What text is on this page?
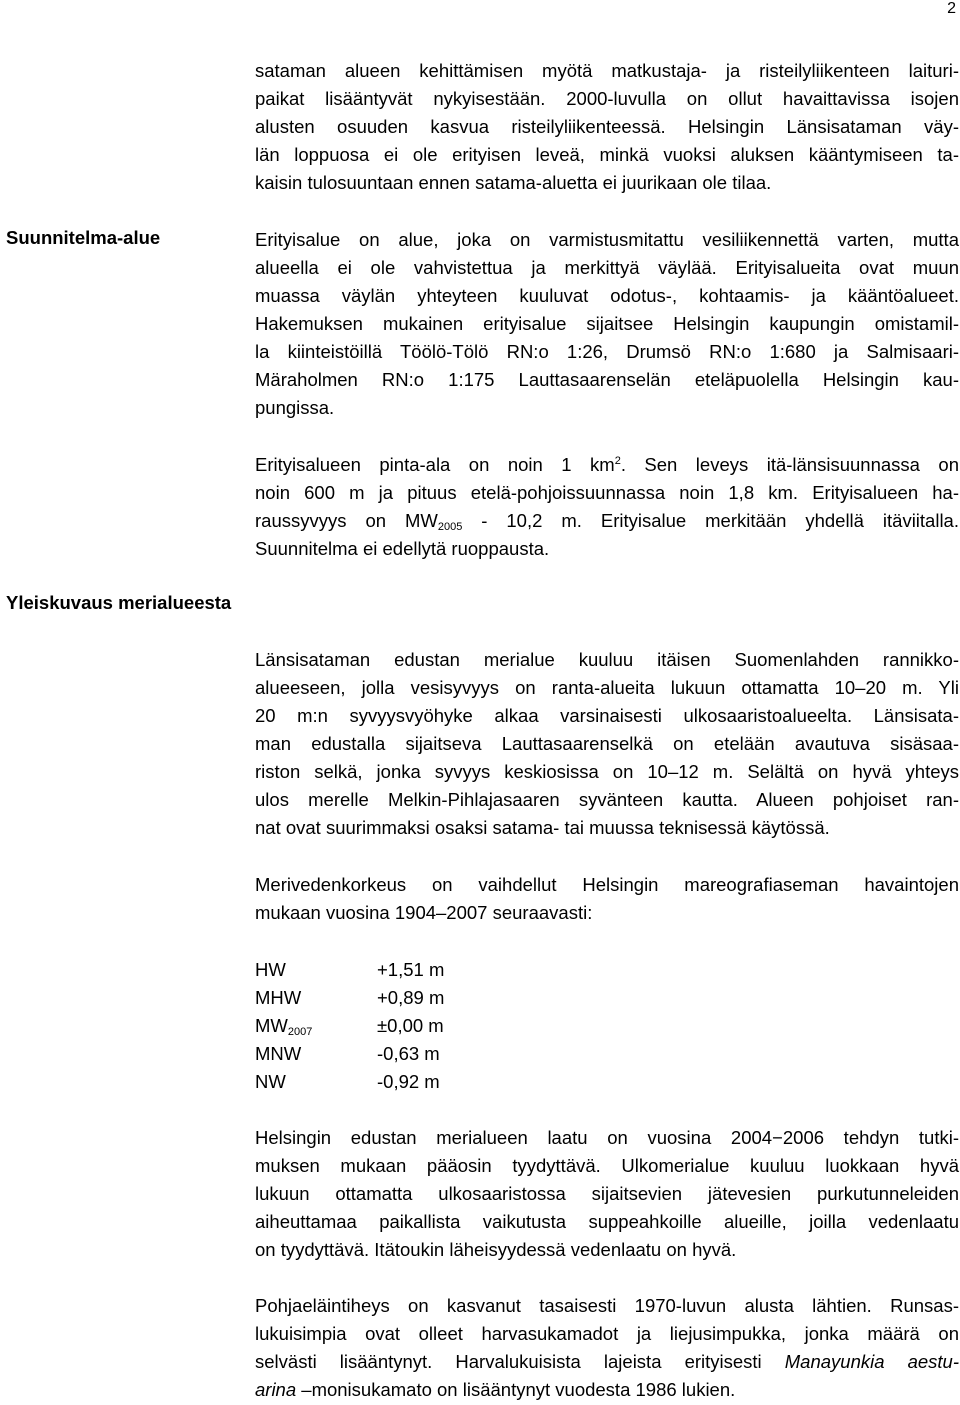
2
sataman alueen kehittämisen myötä matkustaja- ja risteilyliikenteen laituri-
paikat lisääntyvät nykyisestään. 2000-luvulla on ollut havaittavissa isojen
alusten osuuden kasvua risteilyliikenteessä. Helsingin Länsisataman väy-
län loppuosa ei ole erityisen leveä, minkä vuoksi aluksen kääntymiseen ta-
kaisin tulosuuntaan ennen satama-aluetta ei juurikaan ole tilaa.
Suunnitelma-alue	Erityisalue on alue, joka on varmistusmitattu vesiliikennettä varten, mutta
alueella ei ole vahvistettua ja merkittyä väylää. Erityisalueita ovat muun
muassa väylän yhteyteen kuuluvat odotus-, kohtaamis- ja kääntöalueet.
Hakemuksen mukainen erityisalue sijaitsee Helsingin kaupungin omistamil-
la kiinteistöillä Töölö-Tölö RN:o 1:26, Drumsö RN:o 1:680 ja Salmisaari-
Märaholmen RN:o 1:175 Lauttasaarenselän eteläpuolella Helsingin kau-
pungissa.
Erityisalueen pinta-ala on noin 1 $km^2$. Sen leveys itä-länsisuunnassa on
noin 600 m ja pituus etelä-pohjoissuunnassa noin 1,8 km. Erityisalueen ha-
raussyvyys on $MW_{2005} - 10,2$ m. Erityisalue merkitään yhdellä itäviitalla.
Suunnitelma ei edellytä ruoppausta.
Yleiskuvaus merialueesta
Länsisataman edustan merialue kuuluu itäisen Suomenlahden rannikko-
alueeseen, jolla vesisyvyys on ranta-alueita lukuun ottamatta 10–20 m. Yli
20 m:n syvyysvyöhyke alkaa varsinaisesti ulkosaaristoalueelta. Länsisata-
man edustalla sijaitseva Lauttasaarenselkä on etelään avautuva sisäsaa-
riston selkä, jonka syvyys keskiosissa on 10–12 m. Selältä on hyvä yhteys
ulos merelle Melkin-Pihlajasaaren syvänteen kautta. Alueen pohjoiset ran-
nat ovat suurimmaksi osaksi satama- tai muussa teknisessä käytössä.
Merivedenkorkeus on vaihdellut Helsingin mareografiaseman havaintojen
mukaan vuosina 1904–2007 seuraavasti:
HW	+1,51 m
MHW	+0,89 m
$MW_{2007}$	±0,00 m
MNW	-0,63 m
NW	-0,92 m
Helsingin edustan merialueen laatu on vuosina 2004−2006 tehdyn tutki-
muksen mukaan pääosin tyydyttävä. Ulkomerialue kuuluu luokkaan hyvä
lukuun ottamatta ulkosaaristossa sijaitsevien jätevesien purkutunneleiden
aiheuttamaa paikallista vaikutusta suppeahkoille alueille, joilla vedenlaatu
on tyydyttävä. Itätoukin läheisyydessä vedenlaatu on hyvä.
Pohjaeläintiheys on kasvanut tasaisesti 1970-luvun alusta lähtien. Runsas-
lukuisimpia ovat olleet harvasukamadot ja liejusimpukka, jonka määrä on
selvästi lisääntynyt. Harvalukuisista lajeista erityisesti Manayunkia aestu-
arina –monisukamato on lisääntynyt vuodesta 1986 lukien.
